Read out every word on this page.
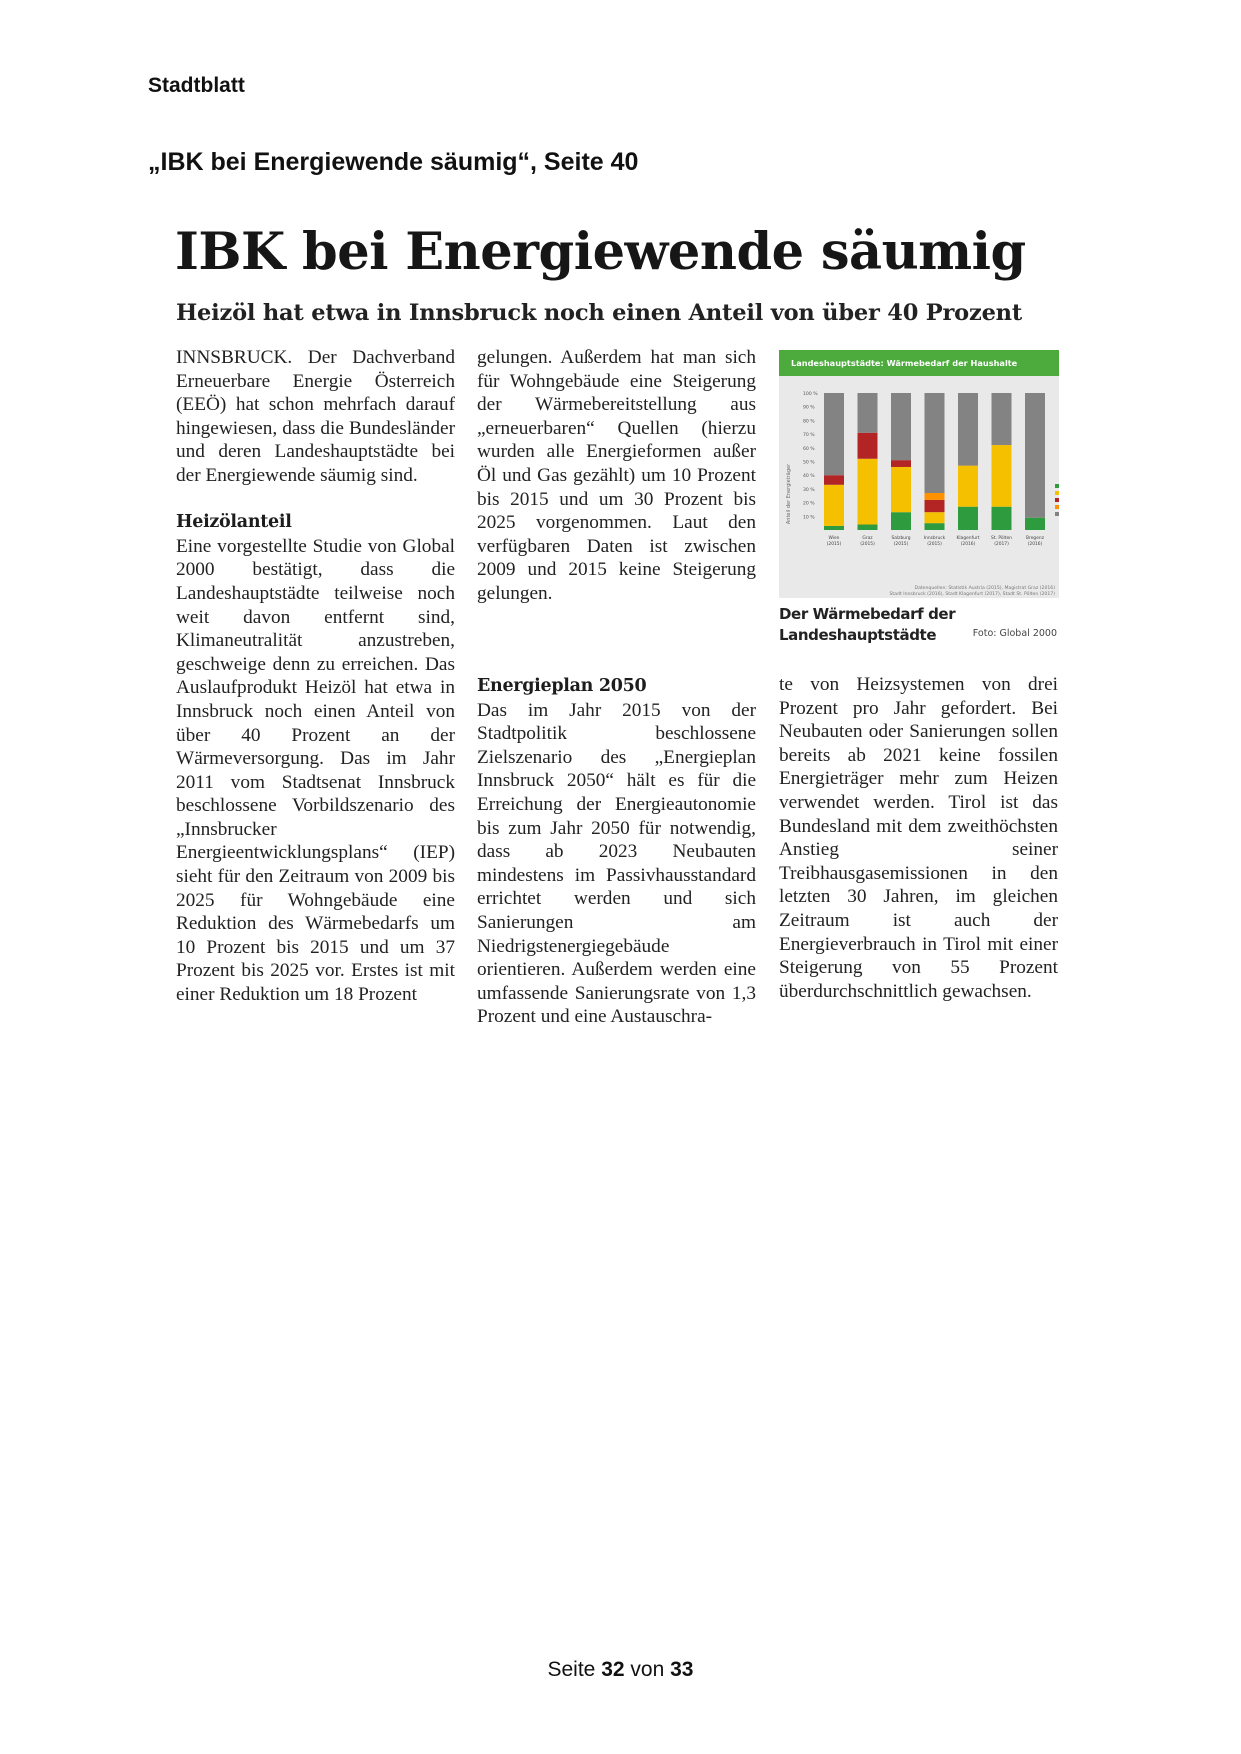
Stadtblatt
„IBK bei Energiewende säumig“, Seite 40
IBK bei Energiewende säumig
Heizöl hat etwa in Innsbruck noch einen Anteil von über 40 Prozent

INNSBRUCK. Der Dachverband Erneuerbare Energie Österreich (EEÖ) hat schon mehrfach darauf hingewiesen, dass die Bundesländer und deren Landeshauptstädte bei der Energiewende säumig sind.

Heizölanteil

Eine vorgestellte Studie von Global 2000 bestätigt, dass die Landeshauptstädte teilweise noch weit davon entfernt sind, Klimaneutralität anzustreben, geschweige denn zu erreichen. Das Auslaufprodukt Heizöl hat etwa in Innsbruck noch einen Anteil von über 40 Prozent an der Wärmeversorgung. Das im Jahr 2011 vom Stadtsenat Innsbruck beschlossene Vorbildszenario des „Innsbrucker Energieentwicklungsplans“ (IEP) sieht für den Zeitraum von 2009 bis 2025 für Wohngebäude eine Reduktion des Wärmebedarfs um 10 Prozent bis 2015 und um 37 Prozent bis 2025 vor. Erstes ist mit einer Reduktion um 18 Prozent

Landeshauptstädte: Wärmebedarf der Haushalte
100 %
90 %
80 %
70 %
60 %
50 %
40 %
30 %
20 %
10 %
Wien
(2015)
Graz
(2015)
Salzburg
(2015)
Innsbruck
(2015)
Klagenfurt
(2016)
St. Pölten
(2017)
Bregenz
(2016)
Anteil der Energieträger
Datenquellen: Statistik Austria (2015), Magistrat Graz (2016)
Stadt Innsbruck (2016), Stadt Klagenfurt (2017), Stadt St. Pölten (2017)
Der Wärmebedarf der Landeshauptstädte	Foto: Global 2000

gelungen. Außerdem hat man sich für Wohngebäude eine Steigerung der Wärmebereitstellung aus „erneuerbaren“ Quellen (hierzu wurden alle Energieformen außer Öl und Gas gezählt) um 10 Prozent bis 2015 und um 30 Prozent bis 2025 vorgenommen. Laut den verfügbaren Daten ist zwischen 2009 und 2015 keine Steigerung gelungen.

Energieplan 2050

Das im Jahr 2015 von der Stadtpolitik beschlossene Zielszenario des „Energieplan Innsbruck 2050“ hält es für die Erreichung der Energieautonomie bis zum Jahr 2050 für notwendig, dass ab 2023 Neubauten mindestens im Passivhausstandard errichtet werden und sich Sanierungen am Niedrigstenergiegebäude orientieren. Außerdem werden eine umfassende Sanierungsrate von 1,3 Prozent und eine Austauschra-

te von Heizsystemen von drei Prozent pro Jahr gefordert. Bei Neubauten oder Sanierungen sollen bereits ab 2021 keine fossilen Energieträger mehr zum Heizen verwendet werden. Tirol ist das Bundesland mit dem zweithöchsten Anstieg seiner Treibhausgasemissionen in den letzten 30 Jahren, im gleichen Zeitraum ist auch der Energieverbrauch in Tirol mit einer Steigerung von 55 Prozent überdurchschnittlich gewachsen.

Seite 32 von 33
